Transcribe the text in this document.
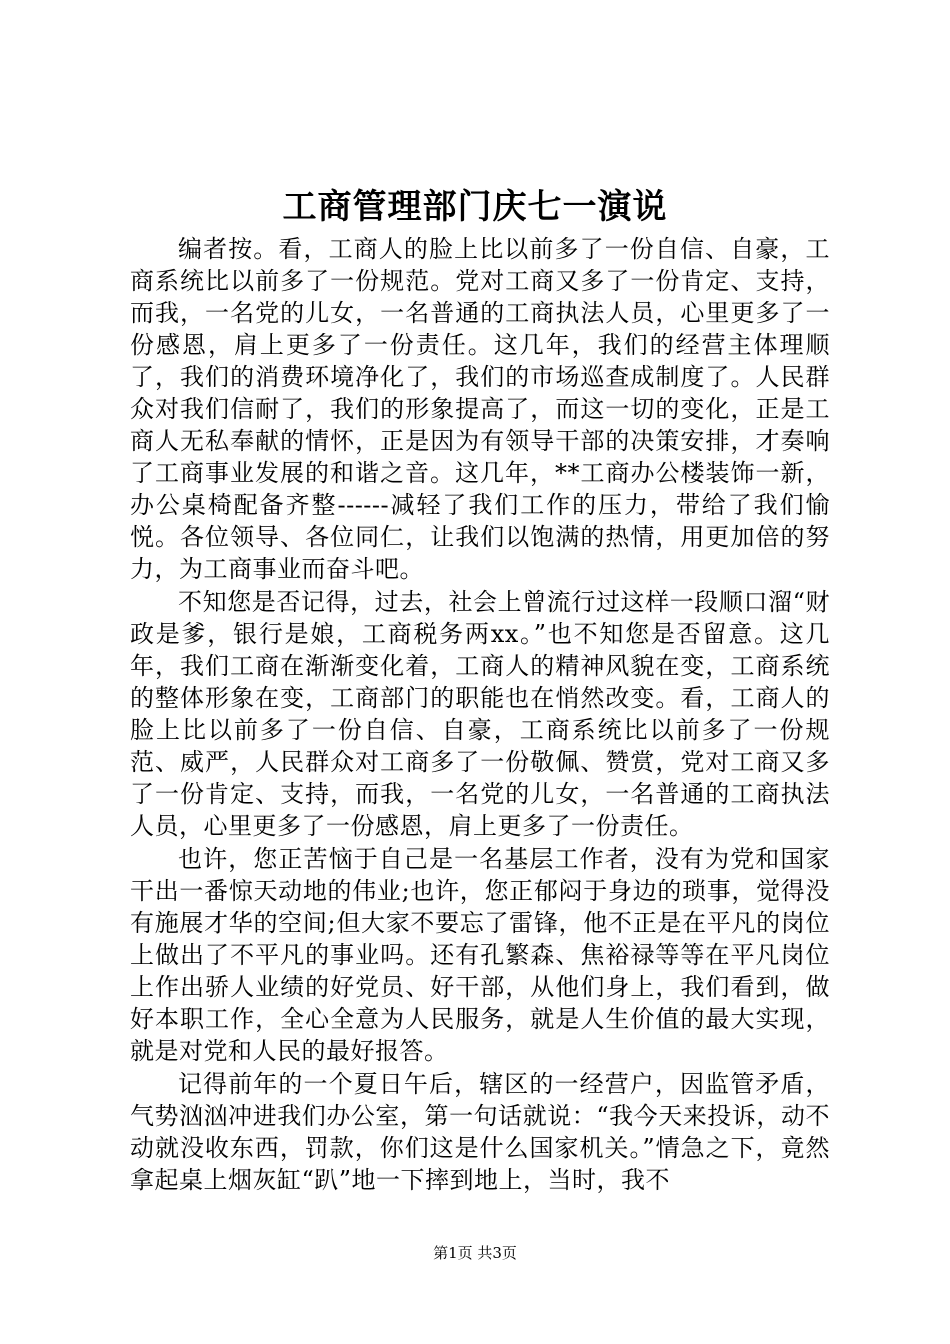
工商管理部门庆七一演说

编者按。看，工商人的脸上比以前多了一份自信、自豪，工商系统比以前多了一份规范。党对工商又多了一份肯定、支持，而我，一名党的儿女，一名普通的工商执法人员，心里更多了一份感恩，肩上更多了一份责任。这几年，我们的经营主体理顺了，我们的消费环境净化了，我们的市场巡查成制度了。人民群众对我们信耐了，我们的形象提高了，而这一切的变化，正是工商人无私奉献的情怀，正是因为有领导干部的决策安排，才奏响了工商事业发展的和谐之音。这几年，**工商办公楼装饰一新，办公桌椅配备齐整------减轻了我们工作的压力，带给了我们愉悦。各位领导、各位同仁，让我们以饱满的热情，用更加倍的努力，为工商事业而奋斗吧。

不知您是否记得，过去，社会上曾流行过这样一段顺口溜“财政是爹，银行是娘，工商税务两xx。”也不知您是否留意。这几年，我们工商在渐渐变化着，工商人的精神风貌在变，工商系统的整体形象在变，工商部门的职能也在悄然改变。看，工商人的脸上比以前多了一份自信、自豪，工商系统比以前多了一份规范、威严，人民群众对工商多了一份敬佩、赞赏，党对工商又多了一份肯定、支持，而我，一名党的儿女，一名普通的工商执法人员，心里更多了一份感恩，肩上更多了一份责任。

也许，您正苦恼于自己是一名基层工作者，没有为党和国家干出一番惊天动地的伟业;也许，您正郁闷于身边的琐事，觉得没有施展才华的空间;但大家不要忘了雷锋，他不正是在平凡的岗位上做出了不平凡的事业吗。还有孔繁森、焦裕禄等等在平凡岗位上作出骄人业绩的好党员、好干部，从他们身上，我们看到，做好本职工作，全心全意为人民服务，就是人生价值的最大实现，就是对党和人民的最好报答。

记得前年的一个夏日午后，辖区的一经营户，因监管矛盾，气势汹汹冲进我们办公室，第一句话就说：“我今天来投诉，动不动就没收东西，罚款，你们这是什么国家机关。”情急之下，竟然拿起桌上烟灰缸“趴”地一下摔到地上，当时，我不

第1页 共3页
